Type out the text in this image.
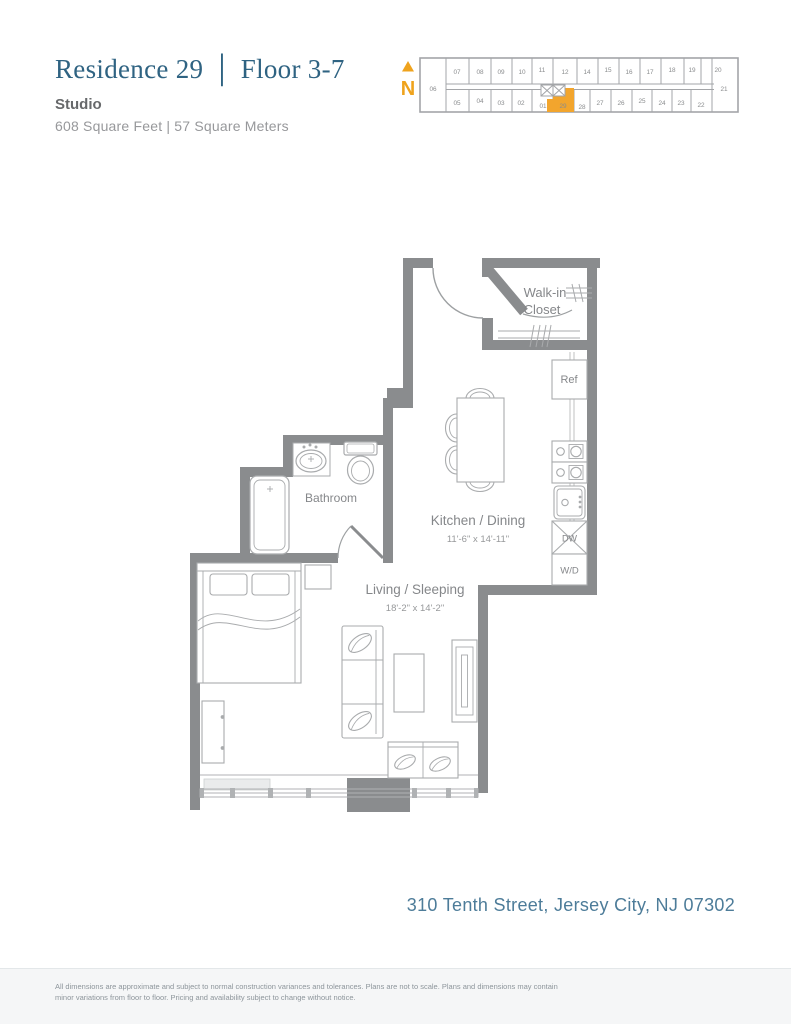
Residence 29 │ Floor 3-7
Studio
608 Square Feet | 57 Square Meters
N
07 08 09 10 11	12 14 15 16 17 18 19	20
06
05 04 03 02 01 29 28
27 26 25 24 23 22
21
Walk-in
Closet
Ref
Kitchen / Dining
11'-6" x 14'-11"
Living / Sleeping
18'-2" x 14'-2"
Bathroom
DW
W/D
310 Tenth Street, Jersey City, NJ 07302
All dimensions are approximate and subject to normal construction variances and tolerances. Plans are not to scale. Plans and dimensions may contain
minor variations from floor to floor. Pricing and availability subject to change without notice.
